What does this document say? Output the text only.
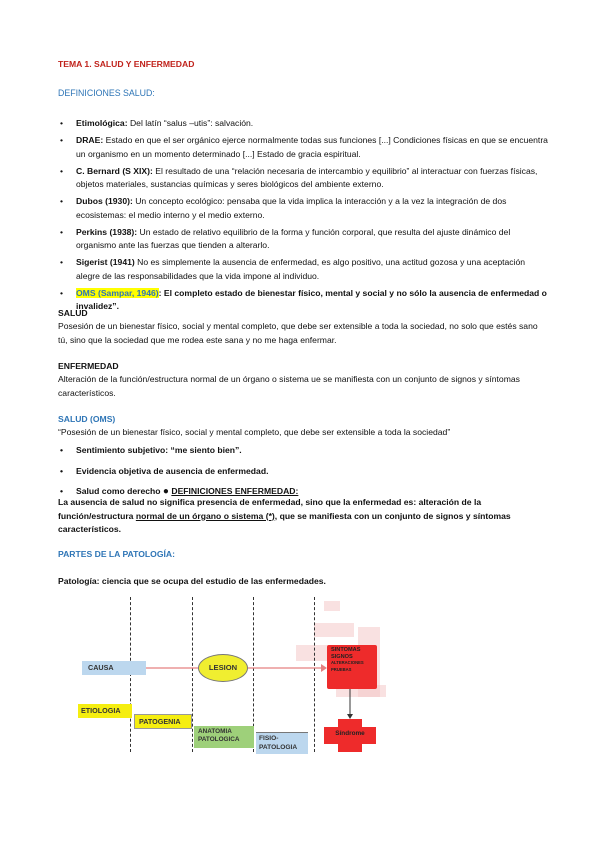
TEMA 1. SALUD Y ENFERMEDAD
DEFINICIONES SALUD:
• Etimológica: Del latín “salus –utis”: salvación.
• DRAE: Estado en que el ser orgánico ejerce normalmente todas sus funciones [...] Condiciones físicas en que se encuentra un organismo en un momento determinado [...] Estado de gracia espiritual.
• C. Bernard (S XIX): El resultado de una “relación necesaria de intercambio y equilibrio” al interactuar con fuerzas físicas, objetos materiales, sustancias químicas y seres biológicos del ambiente externo.
• Dubos (1930): Un concepto ecológico: pensaba que la vida implica la interacción y a la vez la integración de dos ecosistemas: el medio interno y el medio externo.
• Perkins (1938): Un estado de relativo equilibrio de la forma y función corporal, que resulta del ajuste dinámico del organismo ante las fuerzas que tienden a alterarlo.
• Sigerist (1941) No es simplemente la ausencia de enfermedad, es algo positivo, una actitud gozosa y una aceptación alegre de las responsabilidades que la vida impone al individuo.
• OMS (Sampar, 1946): El completo estado de bienestar físico, mental y social y no sólo la ausencia de enfermedad o invalidez”.
SALUD
Posesión de un bienestar físico, social y mental completo, que debe ser extensible a toda la sociedad, no solo que estés sano tú, sino que la sociedad que me rodea este sana y no me haga enfermar.
ENFERMEDAD
Alteración de la función/estructura normal de un órgano o sistema ue se manifiesta con un conjunto de signos y síntomas característicos.
SALUD (OMS)
“Posesión de un bienestar físico, social y mental completo, que debe ser extensible a toda la sociedad”
• Sentimiento subjetivo: “me siento bien”.
• Evidencia objetiva de ausencia de enfermedad.
• Salud como derecho ● DEFINICIONES ENFERMEDAD:
La ausencia de salud no significa presencia de enfermedad, sino que la enfermedad es: alteración de la función/estructura normal de un órgano o sistema (*), que se manifiesta con un conjunto de signos y síntomas característicos.
PARTES DE LA PATOLOGÍA:
Patología: ciencia que se ocupa del estudio de las enfermedades.
CAUSA	LESION
SINTOMAS
SIGNOS
ALTERACIONES
PRUEBAS
ETIOLOGIA
PATOGENIA
ANATOMIA
PATOLOGICA	FISIO-
PATOLOGIA
Síndrome
